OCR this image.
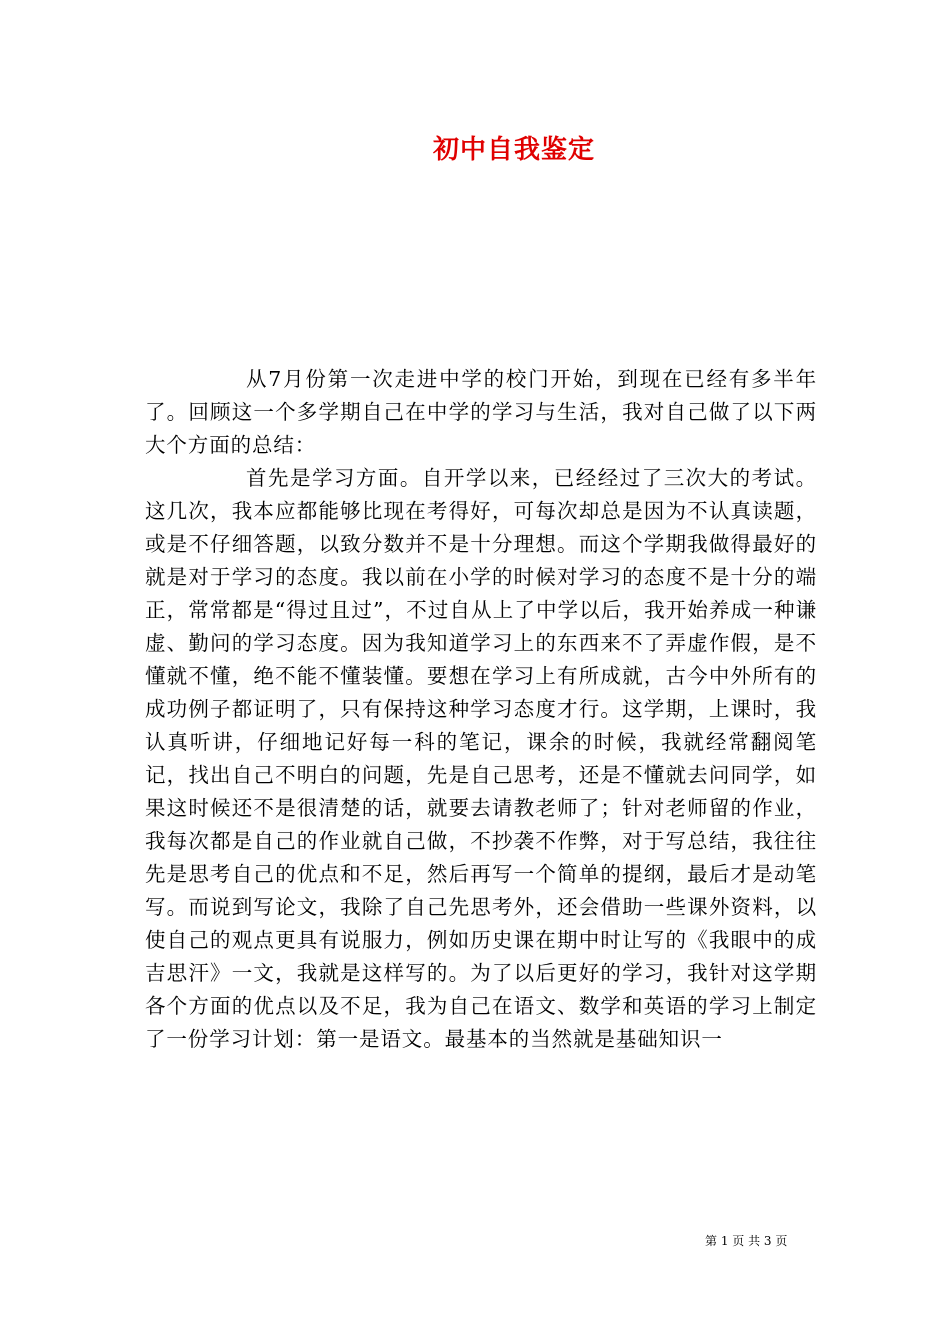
初中自我鉴定

从7月份第一次走进中学的校门开始，到现在已经有多半年了。回顾这一个多学期自己在中学的学习与生活，我对自己做了以下两大个方面的总结：

首先是学习方面。自开学以来，已经经过了三次大的考试。这几次，我本应都能够比现在考得好，可每次却总是因为不认真读题，或是不仔细答题，以致分数并不是十分理想。而这个学期我做得最好的就是对于学习的态度。我以前在小学的时候对学习的态度不是十分的端正，常常都是“得过且过”，不过自从上了中学以后，我开始养成一种谦虚、勤问的学习态度。因为我知道学习上的东西来不了弄虚作假，是不懂就不懂，绝不能不懂装懂。要想在学习上有所成就，古今中外所有的成功例子都证明了，只有保持这种学习态度才行。这学期，上课时，我认真听讲，仔细地记好每一科的笔记，课余的时候，我就经常翻阅笔记，找出自己不明白的问题，先是自己思考，还是不懂就去问同学，如果这时候还不是很清楚的话，就要去请教老师了；针对老师留的作业，我每次都是自己的作业就自己做，不抄袭不作弊，对于写总结，我往往先是思考自己的优点和不足，然后再写一个简单的提纲，最后才是动笔写。而说到写论文，我除了自己先思考外，还会借助一些课外资料，以使自己的观点更具有说服力，例如历史课在期中时让写的《我眼中的成吉思汗》一文，我就是这样写的。为了以后更好的学习，我针对这学期各个方面的优点以及不足，我为自己在语文、数学和英语的学习上制定了一份学习计划：第一是语文。最基本的当然就是基础知识一

第 1 页 共 3 页
